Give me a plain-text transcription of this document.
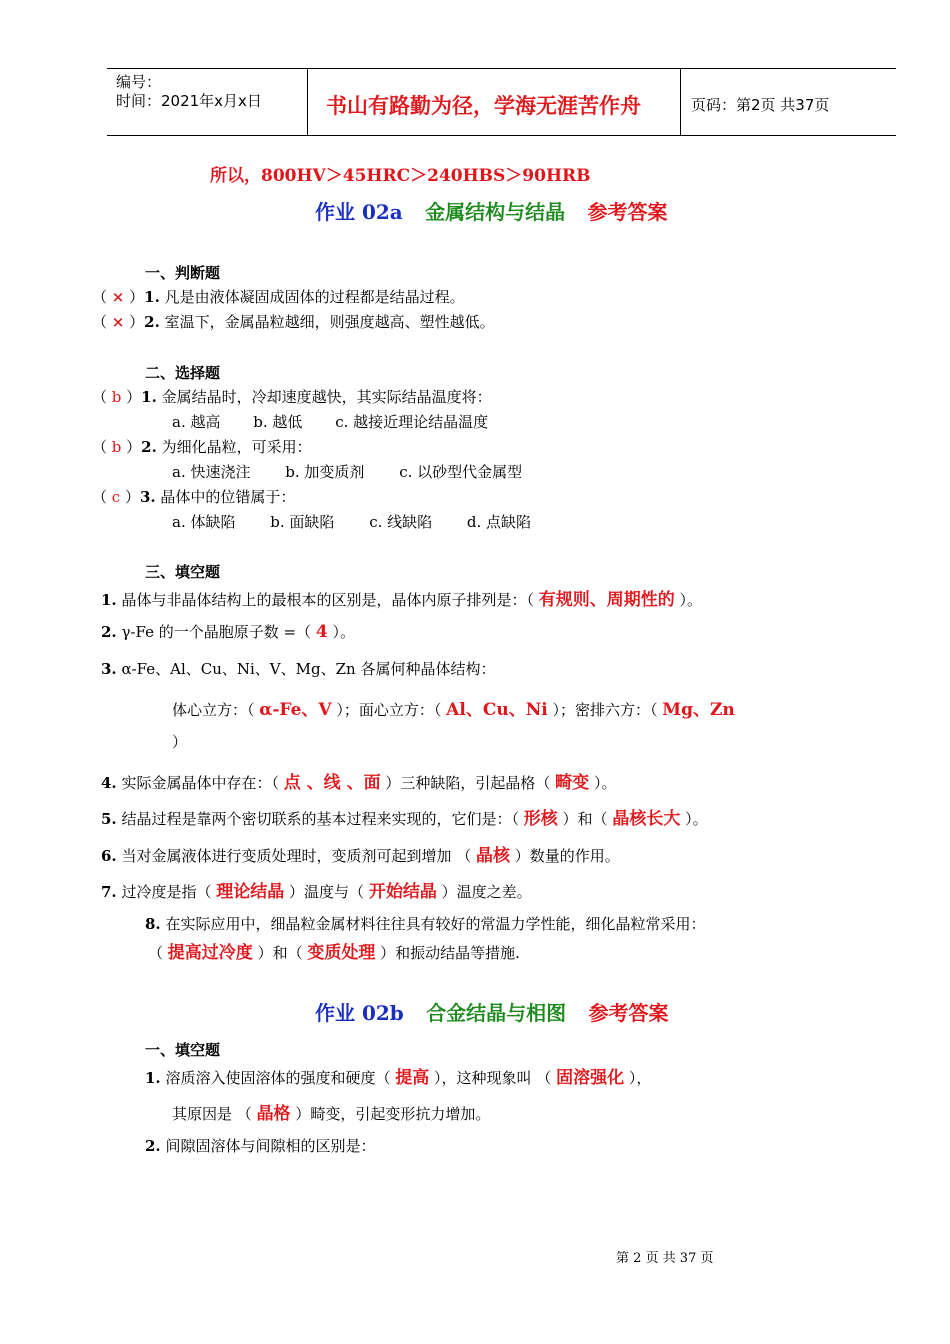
编号：
时间：2021年x月x日	书山有路勤为径，学海无涯苦作舟	页码：第2页 共37页
所以，800HV＞45HRC＞240HBS＞90HRB
作业 02a 金属结构与结晶 参考答案
一、判断题
（ × ）1. 凡是由液体凝固成固体的过程都是结晶过程。
（ × ）2. 室温下，金属晶粒越细，则强度越高、塑性越低。
二、选择题
（ b ）1. 金属结晶时，冷却速度越快，其实际结晶温度将：
a. 越高 b. 越低 c. 越接近理论结晶温度
（ b ）2. 为细化晶粒，可采用：
a. 快速浇注 b. 加变质剂 c. 以砂型代金属型
（ c ）3. 晶体中的位错属于：
a. 体缺陷 b. 面缺陷 c. 线缺陷 d. 点缺陷
三、填空题
1. 晶体与非晶体结构上的最根本的区别是，晶体内原子排列是：（ 有规则、周期性的 ）。
2. γ-Fe 的一个晶胞原子数 =（ 4 ）。
3. α-Fe、Al、Cu、Ni、V、Mg、Zn 各属何种晶体结构：
体心立方：（ α-Fe、V ）；面心立方：（ Al、Cu、Ni ）；密排六方：（ Mg、Zn
）
4. 实际金属晶体中存在：（ 点 、线 、面 ）三种缺陷，引起晶格（ 畸变 ）。
5. 结晶过程是靠两个密切联系的基本过程来实现的，它们是：（ 形核 ）和（ 晶核长大 ）。
6. 当对金属液体进行变质处理时，变质剂可起到增加 （ 晶核 ）数量的作用。
7. 过冷度是指（ 理论结晶 ）温度与（ 开始结晶 ）温度之差。
8. 在实际应用中，细晶粒金属材料往往具有较好的常温力学性能，细化晶粒常采用：
（ 提高过冷度 ）和（ 变质处理 ）和振动结晶等措施.
作业 02b 合金结晶与相图 参考答案
一、填空题
1. 溶质溶入使固溶体的强度和硬度（ 提高 ），这种现象叫 （ 固溶强化 ），
其原因是 （ 晶格 ）畸变，引起变形抗力增加。
2. 间隙固溶体与间隙相的区别是：
第 2 页 共 37 页
